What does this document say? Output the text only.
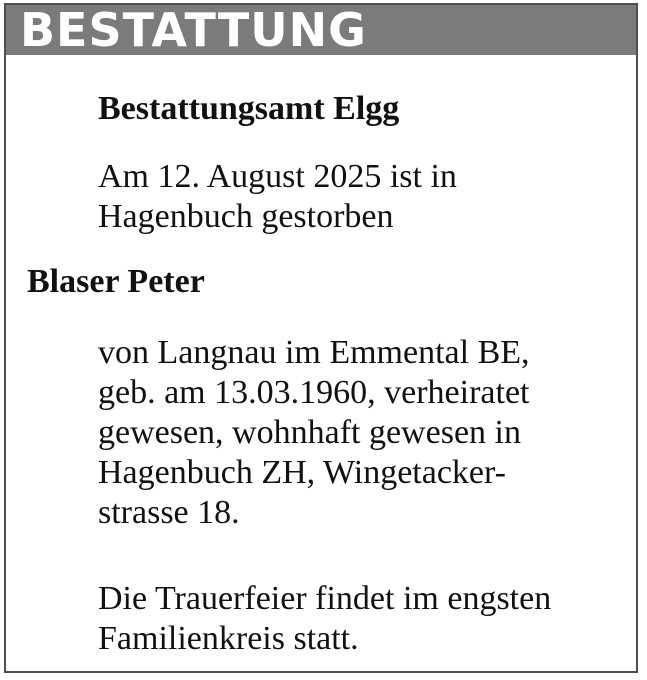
BESTATTUNG

Bestattungsamt Elgg

Am 12. August 2025 ist in

Hagenbuch gestorben

Blaser Peter

von Langnau im Emmental BE,

geb. am 13.03.1960, verheiratet

gewesen, wohnhaft gewesen in

Hagenbuch ZH, Wingetacker-

strasse 18.

Die Trauerfeier findet im engsten

Familienkreis statt.
